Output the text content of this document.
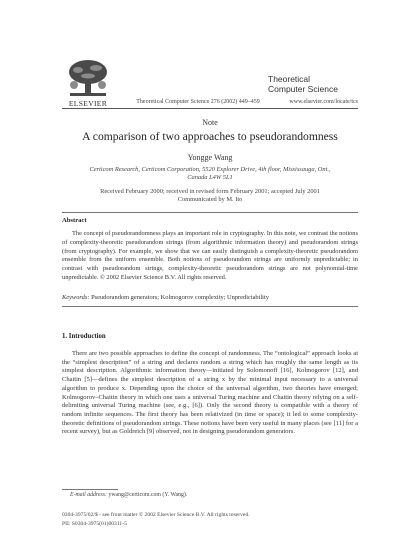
ELSEVIER	Theoretical Computer Science 276 (2002) 449–459
Theoretical
Computer Science
www.elsevier.com/locate/tcs
Note
A comparison of two approaches to pseudorandomness
Yongge Wang
Certicom Research, Certicom Corporation, 5520 Explorer Drive, 4th floor, Mississauga, Ont.,
Canada L4W 5L1
Received February 2000; received in revised form February 2001; accepted July 2001
Communicated by M. Ito
Abstract
The concept of pseudorandomness plays an important role in cryptography. In this note, we contrast the notions of complexity-theoretic pseudorandom strings (from algorithmic information theory) and pseudorandom strings (from cryptography). For example, we show that we can easily distinguish a complexity-theoretic pseudorandom ensemble from the uniform ensemble. Both notions of pseudorandom strings are uniformly unpredictable; in contrast with pseudorandom strings, complexity-theoretic pseudorandom strings are not polynomial-time unpredictable. © 2002 Elsevier Science B.V. All rights reserved.
Keywords: Pseudorandom generators; Kolmogorov complexity; Unpredictability
1. Introduction
There are two possible approaches to define the concept of randomness. The “ontological” approach looks at the “simplest description” of a string and declares random a string which has roughly the same length as its simplest description. Algorithmic information theory—initiated by Solomonoff [16], Kolmogorov [12], and Chaitin [5]—defines the simplest description of a string x by the minimal input necessary to a universal algorithm to produce x. Depending upon the choice of the universal algorithm, two theories have emerged; Kolmogorov–Chaitin theory in which one uses a universal Turing machine and Chaitin theory relying on a self-delimiting universal Turing machine (see, e.g., [6]). Only the second theory is compatible with a theory of random infinite sequences. The first theory has been relativized (in time or space); it led to some complexity-theoretic definitions of pseudorandom strings. These notions have been very useful in many places (see [11] for a recent survey), but as Goldreich [9] observed, not in designing pseudorandom generators.
E-mail address: ywang@certicom.com (Y. Wang).
0304-3975/02/$ - see front matter © 2002 Elsevier Science B.V. All rights reserved.
PII: S0304-3975(01)00311-5
